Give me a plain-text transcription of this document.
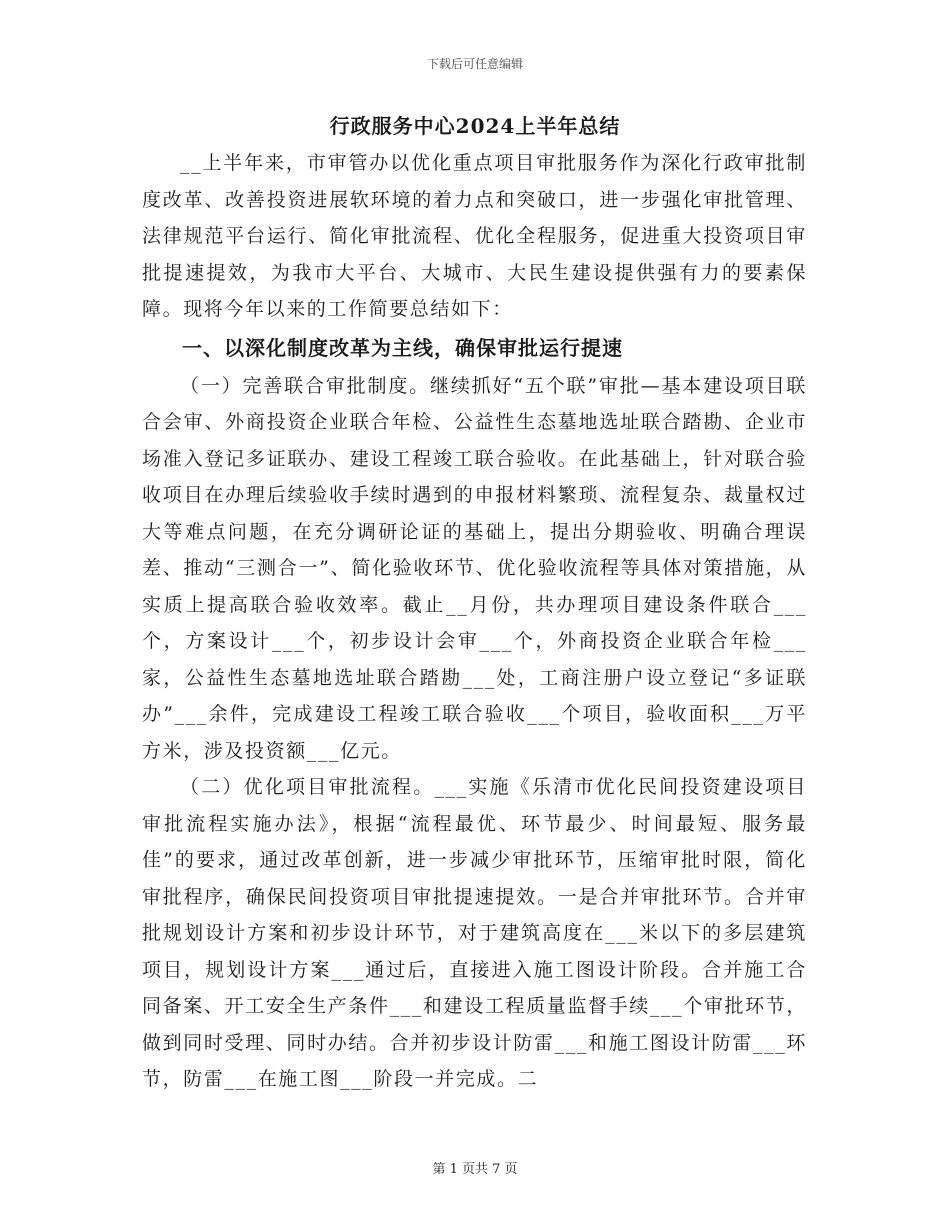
下载后可任意编辑
行政服务中心2024上半年总结

__上半年来，市审管办以优化重点项目审批服务作为深化行政审批制度改革、改善投资进展软环境的着力点和突破口，进一步强化审批管理、法律规范平台运行、简化审批流程、优化全程服务，促进重大投资项目审批提速提效，为我市大平台、大城市、大民生建设提供强有力的要素保障。现将今年以来的工作简要总结如下：

一、以深化制度改革为主线，确保审批运行提速

（一）完善联合审批制度。继续抓好“五个联”审批—基本建设项目联合会审、外商投资企业联合年检、公益性生态墓地选址联合踏勘、企业市场准入登记多证联办、建设工程竣工联合验收。在此基础上，针对联合验收项目在办理后续验收手续时遇到的申报材料繁琐、流程复杂、裁量权过大等难点问题，在充分调研论证的基础上，提出分期验收、明确合理误差、推动“三测合一”、简化验收环节、优化验收流程等具体对策措施，从实质上提高联合验收效率。截止__月份，共办理项目建设条件联合___个，方案设计___个，初步设计会审___个，外商投资企业联合年检___家，公益性生态墓地选址联合踏勘___处，工商注册户设立登记“多证联办”___余件，完成建设工程竣工联合验收___个项目，验收面积___万平方米，涉及投资额___亿元。

（二）优化项目审批流程。___实施《乐清市优化民间投资建设项目审批流程实施办法》，根据“流程最优、环节最少、时间最短、服务最佳”的要求，通过改革创新，进一步减少审批环节，压缩审批时限，简化审批程序，确保民间投资项目审批提速提效。一是合并审批环节。合并审批规划设计方案和初步设计环节，对于建筑高度在___米以下的多层建筑项目，规划设计方案___通过后，直接进入施工图设计阶段。合并施工合同备案、开工安全生产条件___和建设工程质量监督手续___个审批环节，做到同时受理、同时办结。合并初步设计防雷___和施工图设计防雷___环节，防雷___在施工图___阶段一并完成。二

第 1 页共 7 页
